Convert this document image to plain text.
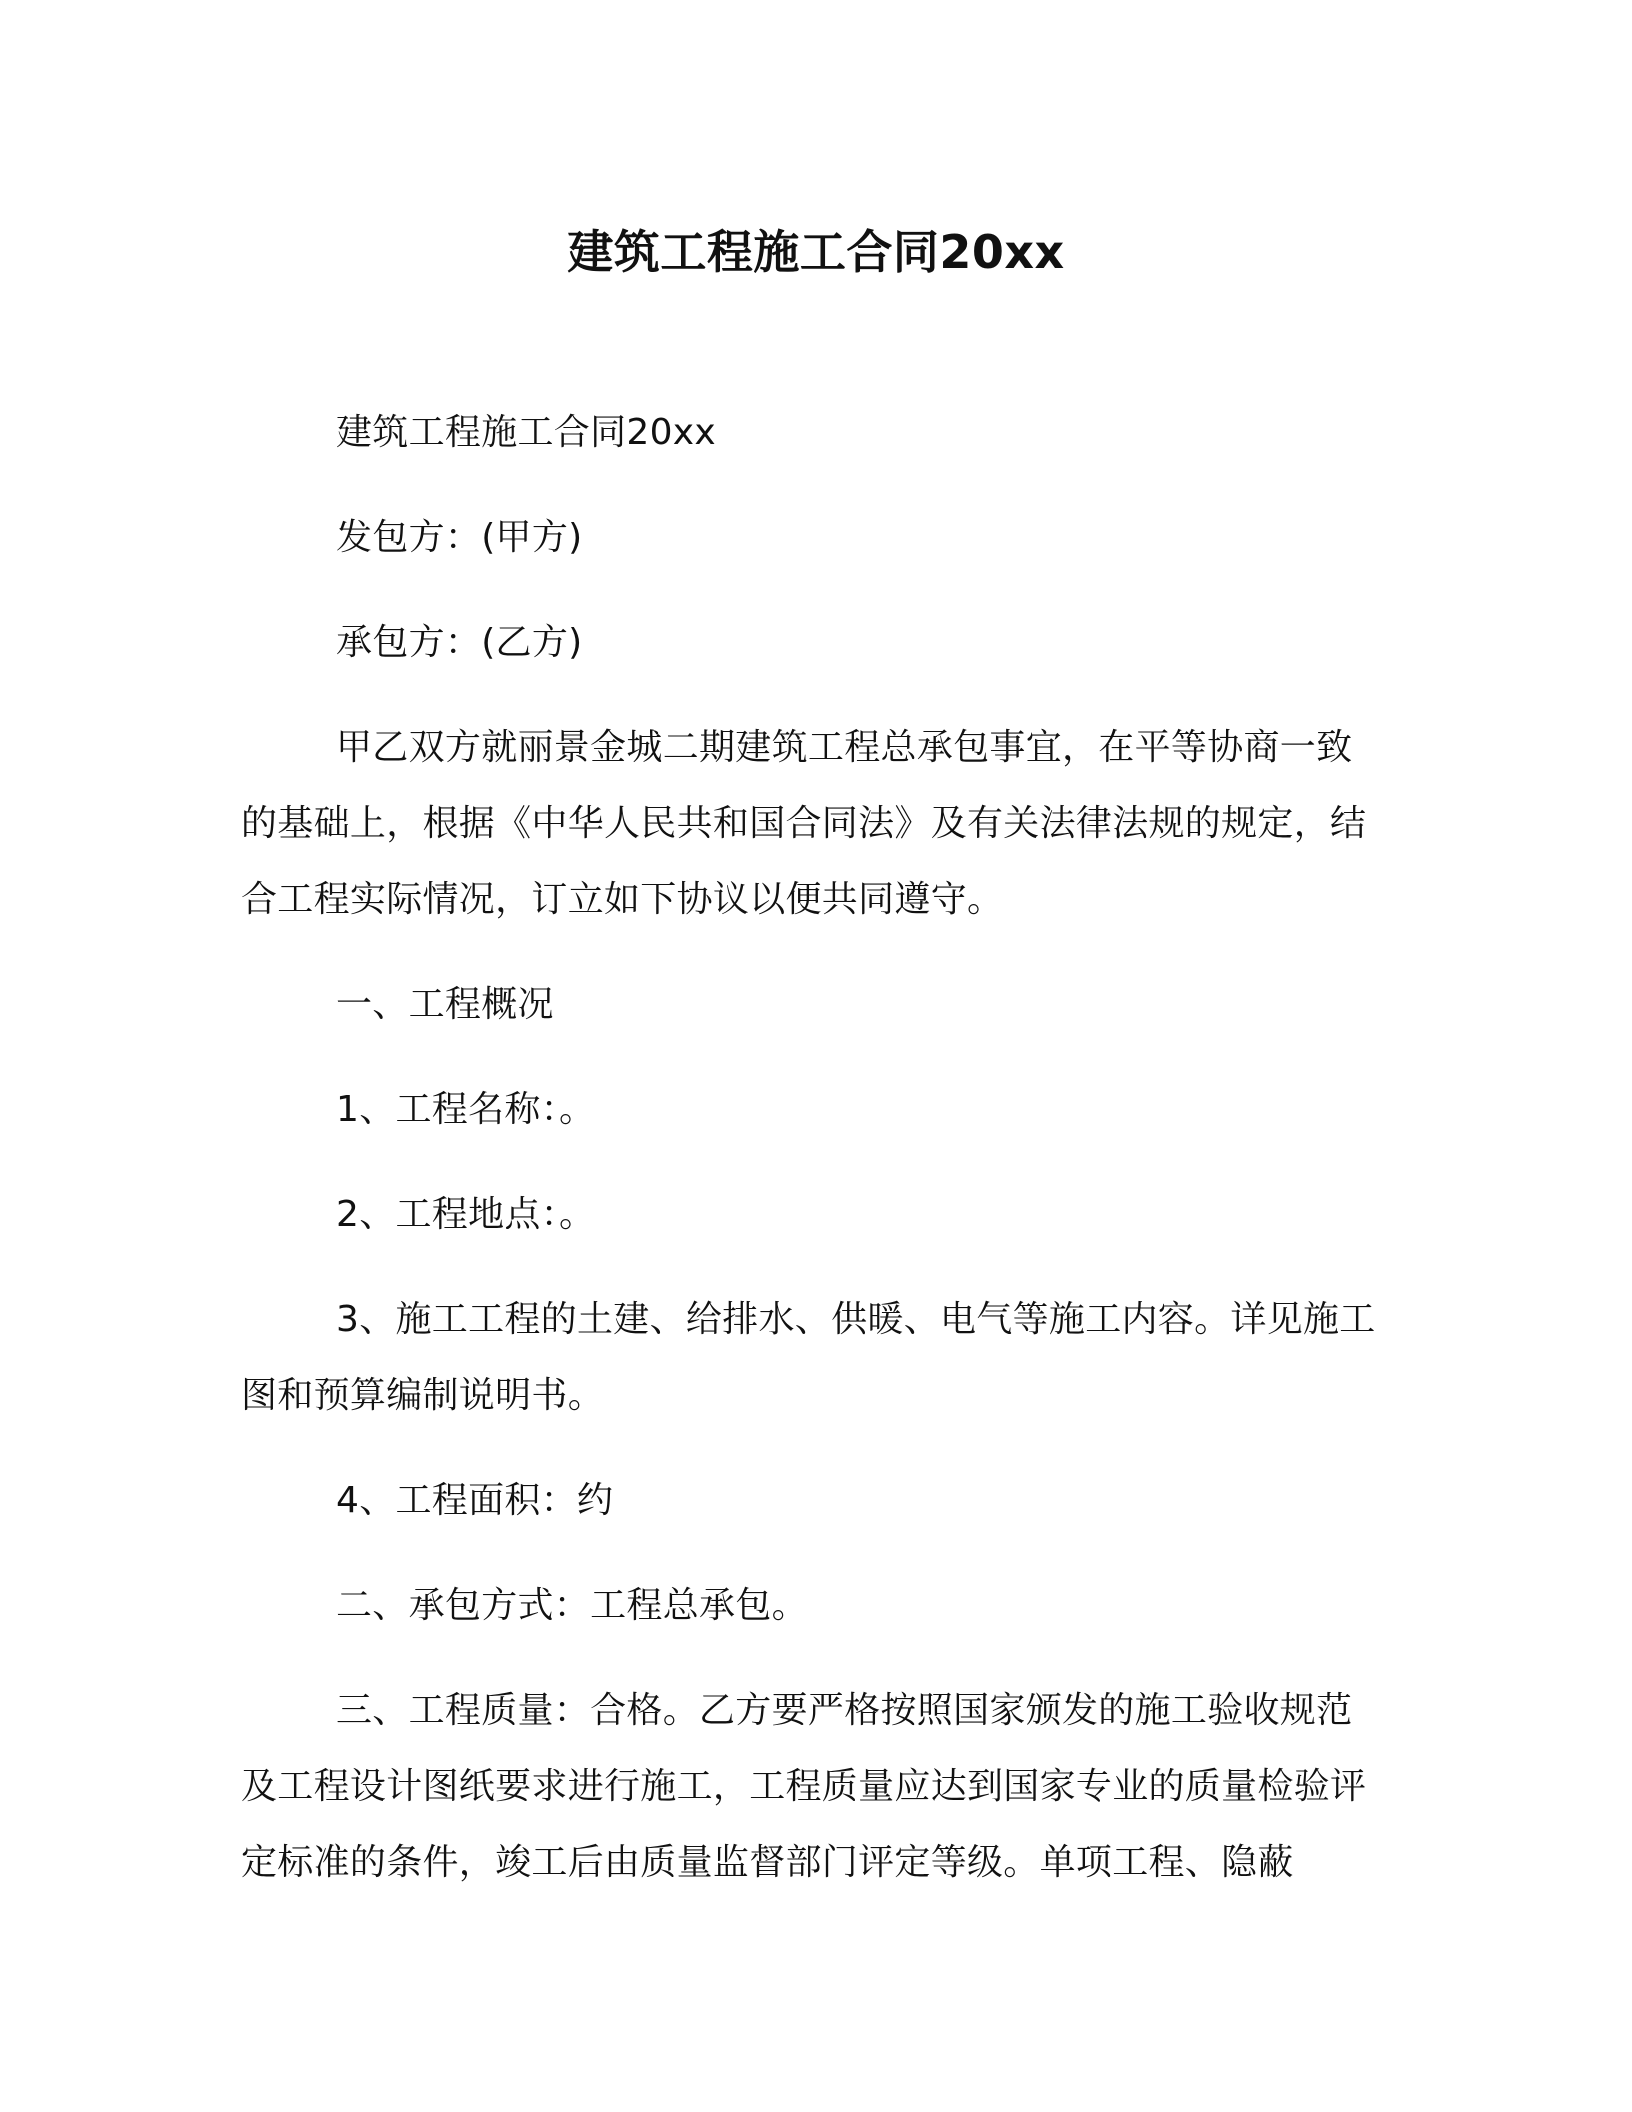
建筑工程施工合同20xx

建筑工程施工合同20xx

发包方：(甲方)

承包方：(乙方)

甲乙双方就丽景金城二期建筑工程总承包事宜，在平等协商一致的基础上，根据《中华人民共和国合同法》及有关法律法规的规定，结合工程实际情况，订立如下协议以便共同遵守。

一、工程概况

1、工程名称：。

2、工程地点：。

3、施工工程的土建、给排水、供暖、电气等施工内容。详见施工图和预算编制说明书。

4、工程面积：约

二、承包方式：工程总承包。

三、工程质量：合格。乙方要严格按照国家颁发的施工验收规范及工程设计图纸要求进行施工，工程质量应达到国家专业的质量检验评定标准的条件，竣工后由质量监督部门评定等级。单项工程、隐蔽
